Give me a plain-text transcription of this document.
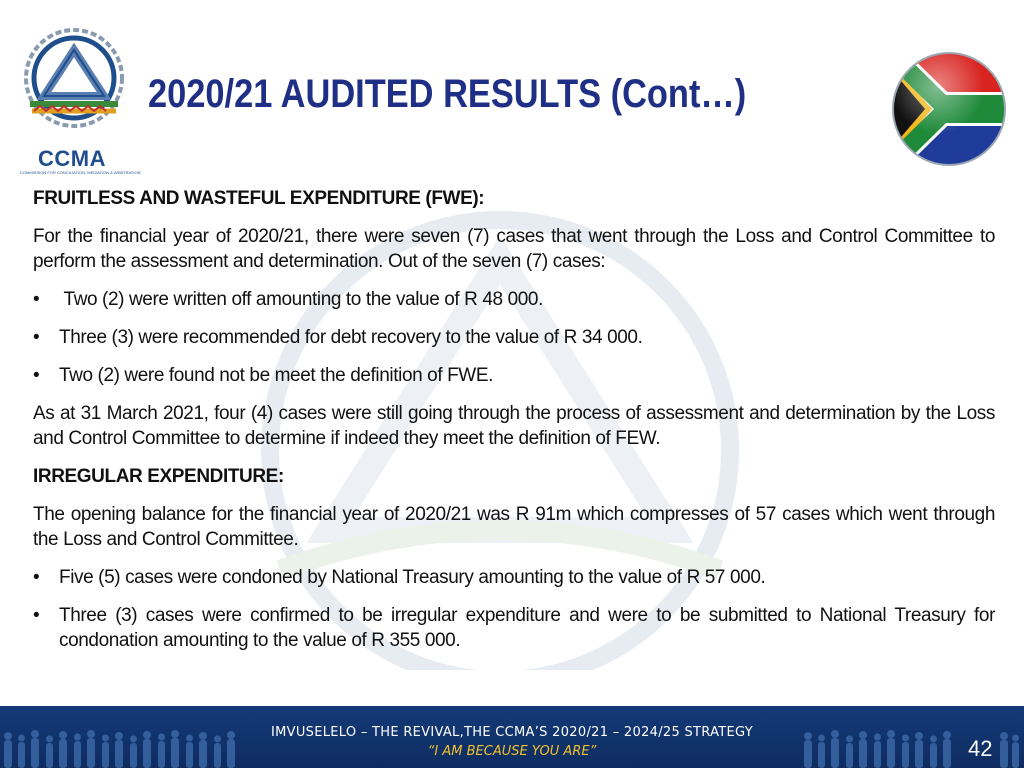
CCMA
COMMISSION FOR CONCILIATION, MEDIATION & ARBITRATION
2020/21 AUDITED RESULTS (Cont…)

FRUITLESS AND WASTEFUL EXPENDITURE (FWE):

For the financial year of 2020/21, there were seven (7) cases that went through the Loss and Control Committee to perform the assessment and determination. Out of the seven (7) cases:

• Two (2) were written off amounting to the value of R 48 000.
• Three (3) were recommended for debt recovery to the value of R 34 000.
• Two (2) were found not be meet the definition of FWE.

As at 31 March 2021, four (4) cases were still going through the process of assessment and determination by the Loss and Control Committee to determine if indeed they meet the definition of FEW.

IRREGULAR EXPENDITURE:

The opening balance for the financial year of 2020/21 was R 91m which compresses of 57 cases which went through the Loss and Control Committee.

• Five (5) cases were condoned by National Treasury amounting to the value of R 57 000.
• Three (3) cases were confirmed to be irregular expenditure and were to be submitted to National Treasury for condonation amounting to the value of R 355 000.
IMVUSELELO – THE REVIVAL,THE CCMA’S 2020/21 – 2024/25 STRATEGY
“I AM BECAUSE YOU ARE”	42
